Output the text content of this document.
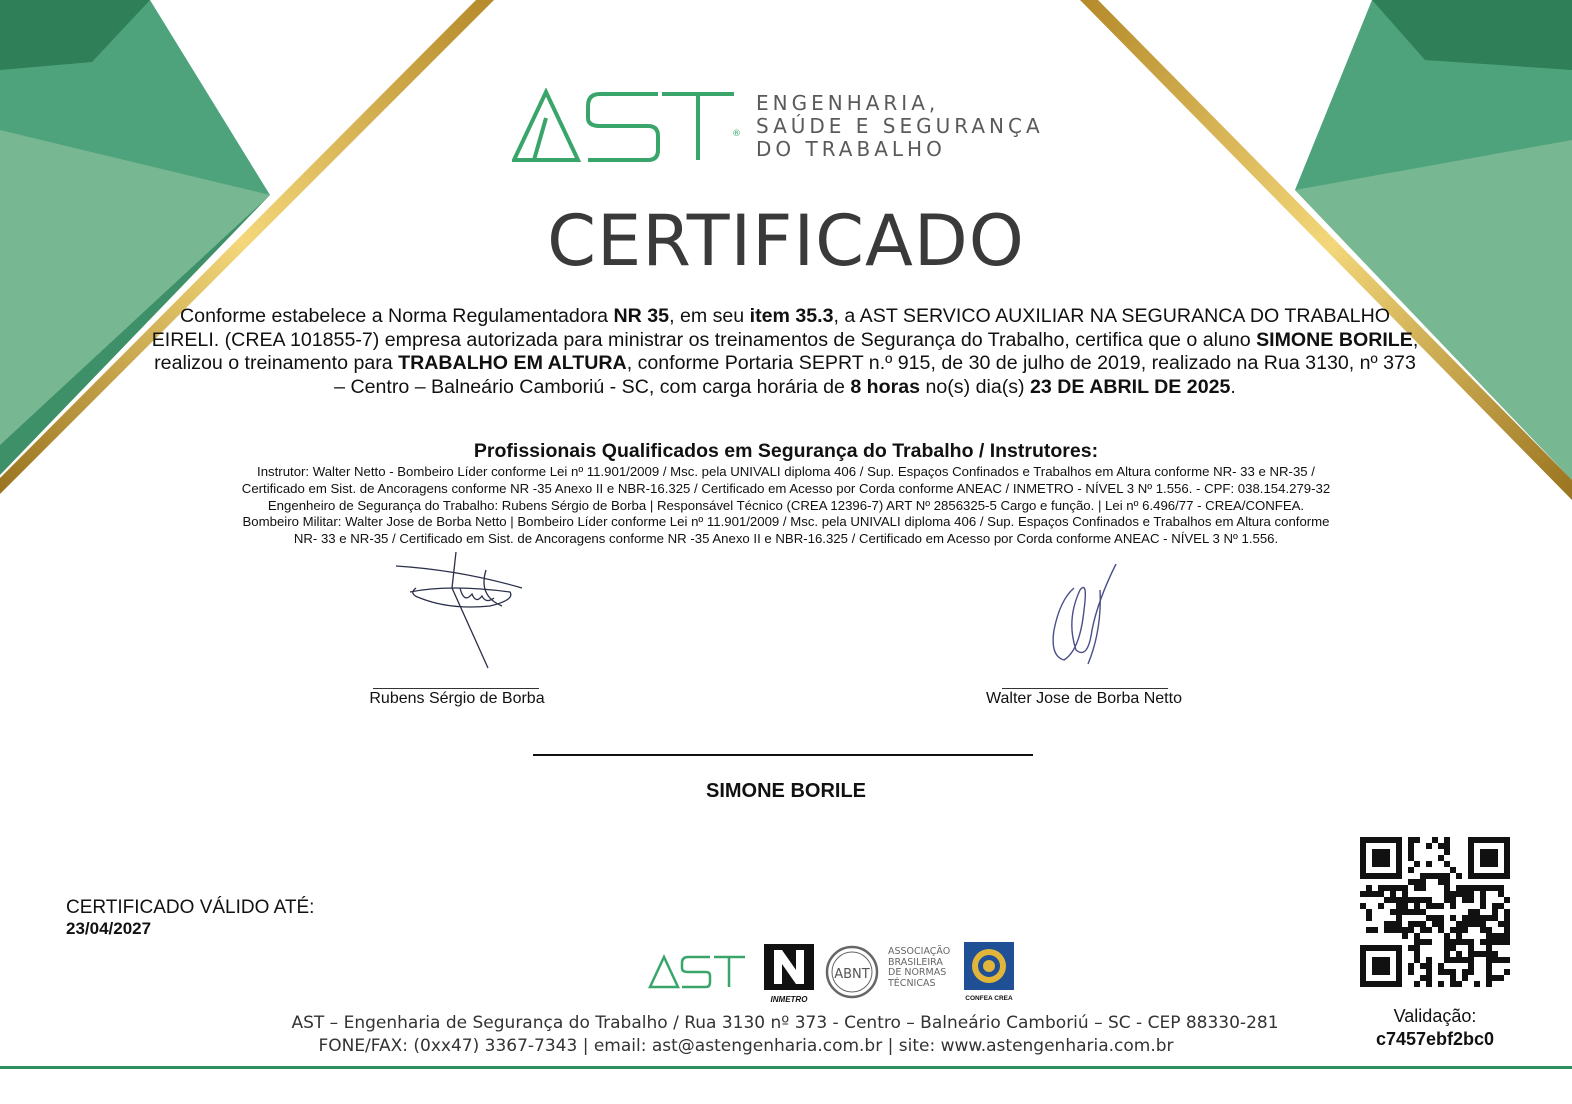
®
ENGENHARIA,
SAÚDE E SEGURANÇA
DO TRABALHO
CERTIFICADO
Conforme estabelece a Norma Regulamentadora NR 35, em seu item 35.3, a AST SERVICO AUXILIAR NA SEGURANCA DO TRABALHO EIRELI. (CREA 101855-7) empresa autorizada para ministrar os treinamentos de Segurança do Trabalho, certifica que o aluno SIMONE BORILE, realizou o treinamento para TRABALHO EM ALTURA, conforme Portaria SEPRT n.º 915, de 30 de julho de 2019, realizado na Rua 3130, nº 373 – Centro – Balneário Camboriú - SC, com carga horária de 8 horas no(s) dia(s) 23 DE ABRIL DE 2025.
Profissionais Qualificados em Segurança do Trabalho / Instrutores:
Instrutor: Walter Netto - Bombeiro Líder conforme Lei nº 11.901/2009 / Msc. pela UNIVALI diploma 406 / Sup. Espaços Confinados e Trabalhos em Altura conforme NR- 33 e NR-35 /
Certificado em Sist. de Ancoragens conforme NR -35 Anexo II e NBR-16.325 / Certificado em Acesso por Corda conforme ANEAC / INMETRO - NÍVEL 3 Nº 1.556. - CPF: 038.154.279-32
Engenheiro de Segurança do Trabalho: Rubens Sérgio de Borba | Responsável Técnico (CREA 12396-7) ART Nº 2856325-5 Cargo e função. | Lei nº 6.496/77 - CREA/CONFEA.
Bombeiro Militar: Walter Jose de Borba Netto | Bombeiro Líder conforme Lei nº 11.901/2009 / Msc. pela UNIVALI diploma 406 / Sup. Espaços Confinados e Trabalhos em Altura conforme
NR- 33 e NR-35 / Certificado em Sist. de Ancoragens conforme NR -35 Anexo II e NBR-16.325 / Certificado em Acesso por Corda conforme ANEAC - NÍVEL 3 Nº 1.556.
Rubens Sérgio de Borba	Walter Jose de Borba Netto
SIMONE BORILE
CERTIFICADO VÁLIDO ATÉ:
23/04/2027
INMETRO
ABNT
ASSOCIAÇÃO
BRASILEIRA
DE NORMAS
TÉCNICAS
CONFEA CREA
AST – Engenharia de Segurança do Trabalho / Rua 3130 nº 373 - Centro – Balneário Camboriú – SC - CEP 88330-281
FONE/FAX: (0xx47) 3367-7343 | email: ast@astengenharia.com.br | site: www.astengenharia.com.br
Validação:
c7457ebf2bc0
